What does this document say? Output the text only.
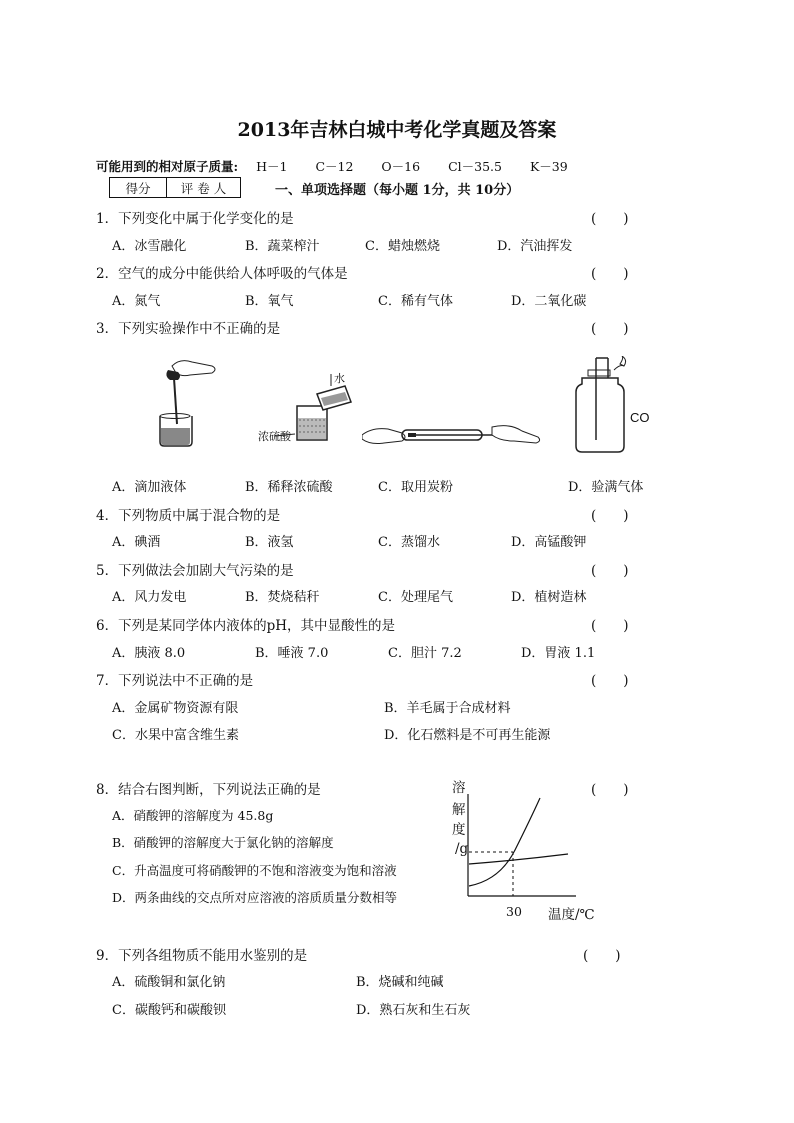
2013年吉林白城中考化学真题及答案
可能用到的相对原子质量: H－1 C－12 O－16 Cl－35.5 K－39
得分	评 卷 人	一、单项选择题（每小题 1分，共 10分）
1．下列变化中属于化学变化的是	(　　)
A．冰雪融化	B．蔬菜榨汁	C．蜡烛燃烧	D．汽油挥发
2．空气的成分中能供给人体呼吸的气体是	(　　)
A．氮气	B．氧气	C．稀有气体	D．二氧化碳
3．下列实验操作中不正确的是	(　　)
水
浓硫酸
CO
A．滴加液体	B．稀释浓硫酸	C．取用炭粉	D．验满气体
4．下列物质中属于混合物的是	(　　)
A．碘酒	B．液氢	C．蒸馏水	D．高锰酸钾
5．下列做法会加剧大气污染的是	(　　)
A．风力发电	B．焚烧秸秆	C．处理尾气	D．植树造林
6．下列是某同学体内液体的pH，其中显酸性的是	(　　)
A．胰液 8.0	B．唾液 7.0	C．胆汁 7.2	D．胃液 1.1
7．下列说法中不正确的是	(　　)
A．金属矿物资源有限	B．羊毛属于合成材料
C．水果中富含维生素	D．化石燃料是不可再生能源
8．结合右图判断，下列说法正确的是	(　　)
A．硝酸钾的溶解度为 45.8g
B．硝酸钾的溶解度大于氯化钠的溶解度
C．升高温度可将硝酸钾的不饱和溶液变为饱和溶液
D．两条曲线的交点所对应溶液的溶质质量分数相等
溶
解
度
/g
30 温度/℃
9．下列各组物质不能用水鉴别的是	(　　)
A．硫酸铜和氯化钠	B．烧碱和纯碱
C．碳酸钙和碳酸钡	D．熟石灰和生石灰
